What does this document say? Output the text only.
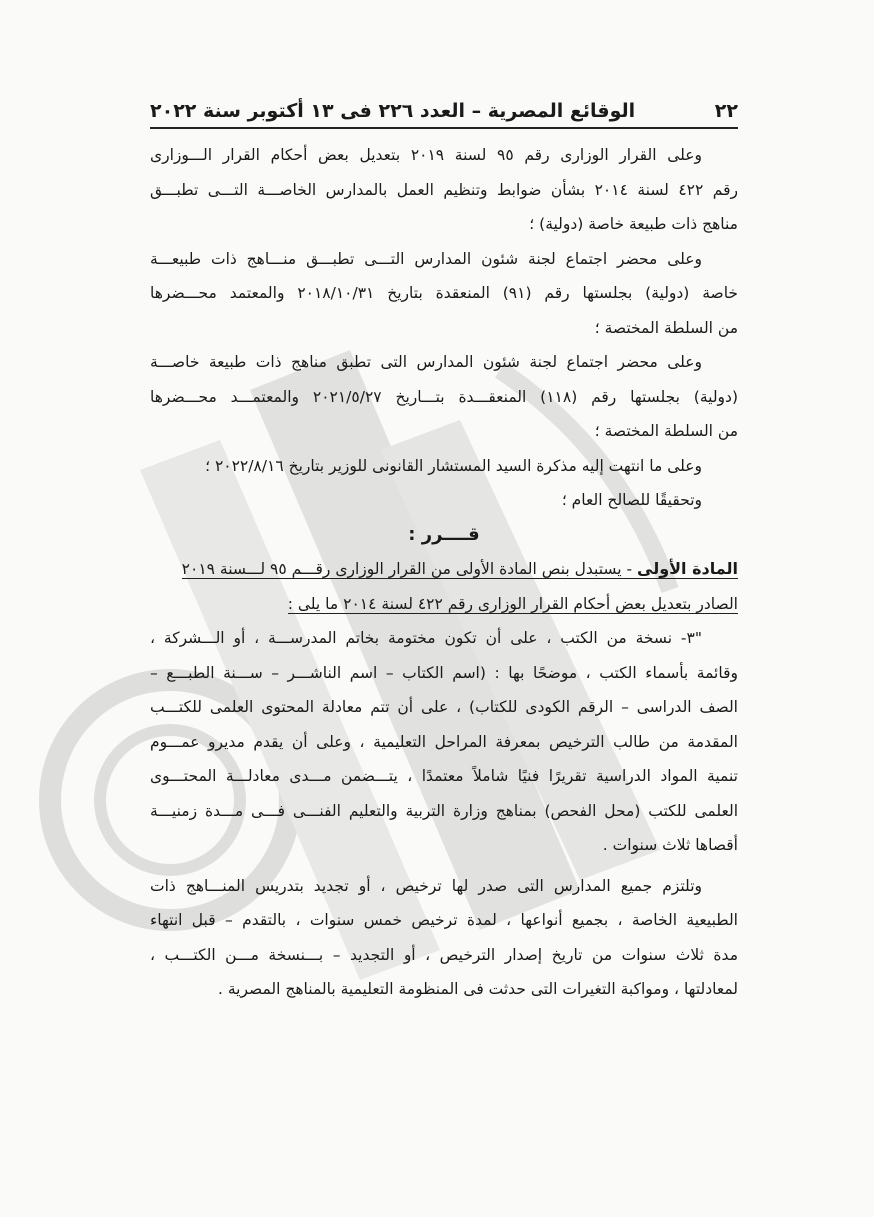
٢٢
الوقائع المصرية – العدد ٢٢٦ فى ١٣ أكتوبر سنة ٢٠٢٢
وعلى القرار الوزارى رقم ٩٥ لسنة ٢٠١٩ بتعديل بعض أحكام القرار الـــوزارى
رقم ٤٢٢ لسنة ٢٠١٤ بشأن ضوابط وتنظيم العمل بالمدارس الخاصـــة التـــى تطبـــق
مناهج ذات طبيعة خاصة (دولية) ؛
وعلى محضر اجتماع لجنة شئون المدارس التـــى تطبـــق منـــاهج ذات طبيعـــة
خاصة (دولية) بجلستها رقم (٩١) المنعقدة بتاريخ ٢٠١٨/١٠/٣١ والمعتمد محـــضرها
من السلطة المختصة ؛
وعلى محضر اجتماع لجنة شئون المدارس التى تطبق مناهج ذات طبيعة خاصـــة
(دولية) بجلستها رقم (١١٨) المنعقـــدة بتـــاريخ ٢٠٢١/٥/٢٧ والمعتمـــد محـــضرها
من السلطة المختصة ؛
وعلى ما انتهت إليه مذكرة السيد المستشار القانونى للوزير بتاريخ ٢٠٢٢/٨/١٦ ؛
وتحقيقًا للصالح العام ؛
قــــرر :
المادة الأولى - يستبدل بنص المادة الأولى من القرار الوزارى رقـــم ٩٥ لـــسنة ٢٠١٩
الصادر بتعديل بعض أحكام القرار الوزارى رقم ٤٢٢ لسنة ٢٠١٤ ما يلى :
"٣- نسخة من الكتب ، على أن تكون مختومة بخاتم المدرســـة ، أو الـــشركة ،
وقائمة بأسماء الكتب ، موضحًا بها : (اسم الكتاب – اسم الناشـــر – ســـنة الطبـــع –
الصف الدراسى – الرقم الكودى للكتاب) ، على أن تتم معادلة المحتوى العلمى للكتـــب
المقدمة من طالب الترخيص بمعرفة المراحل التعليمية ، وعلى أن يقدم مديرو عمـــوم
تنمية المواد الدراسية تقريرًا فنيًا شاملاً معتمدًا ، يتـــضمن مـــدى معادلـــة المحتـــوى
العلمى للكتب (محل الفحص) بمناهج وزارة التربية والتعليم الفنـــى فـــى مـــدة زمنيـــة
أقصاها ثلاث سنوات .
وتلتزم جميع المدارس التى صدر لها ترخيص ، أو تجديد بتدريس المنـــاهج ذات
الطبيعية الخاصة ، بجميع أنواعها ، لمدة ترخيص خمس سنوات ، بالتقدم – قبل انتهاء
مدة ثلاث سنوات من تاريخ إصدار الترخيص ، أو التجديد – بـــنسخة مـــن الكتـــب ،
لمعادلتها ، ومواكبة التغيرات التى حدثت فى المنظومة التعليمية بالمناهج المصرية .
